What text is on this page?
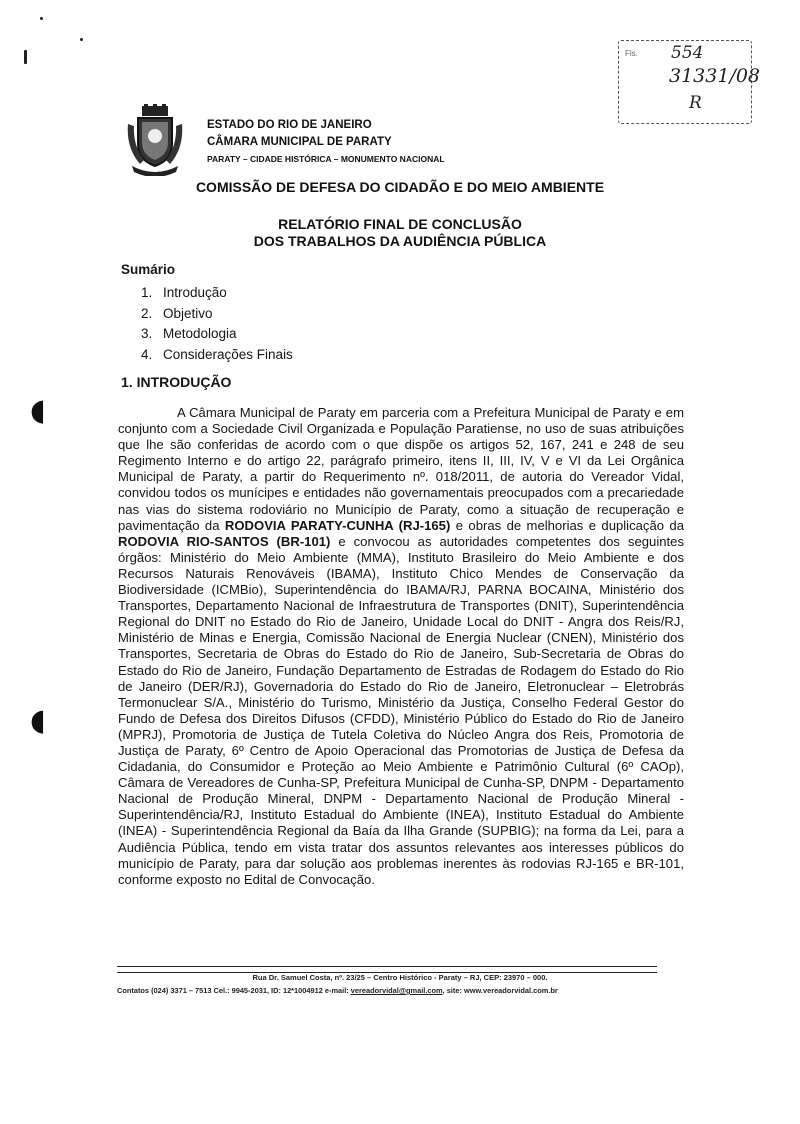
◖
◖
Fls. 554
31331/08
R
ESTADO DO RIO DE JANEIRO
CÂMARA MUNICIPAL DE PARATY
PARATY – CIDADE HISTÓRICA – MONUMENTO NACIONAL
COMISSÃO DE DEFESA DO CIDADÃO E DO MEIO AMBIENTE
RELATÓRIO FINAL DE CONCLUSÃO
DOS TRABALHOS DA AUDIÊNCIA PÚBLICA
Sumário
1. Introdução
2. Objetivo
3. Metodologia
4. Considerações Finais
1. INTRODUÇÃO

A Câmara Municipal de Paraty em parceria com a Prefeitura Municipal de Paraty e em conjunto com a Sociedade Civil Organizada e População Paratiense, no uso de suas atribuições que lhe são conferidas de acordo com o que dispõe os artigos 52, 167, 241 e 248 de seu Regimento Interno e do artigo 22, parágrafo primeiro, itens II, III, IV, V e VI da Lei Orgânica Municipal de Paraty, a partir do Requerimento nº. 018/2011, de autoria do Vereador Vidal, convidou todos os munícipes e entidades não governamentais preocupados com a precariedade nas vias do sistema rodoviário no Município de Paraty, como a situação de recuperação e pavimentação da RODOVIA PARATY-CUNHA (RJ-165) e obras de melhorias e duplicação da RODOVIA RIO-SANTOS (BR-101) e convocou as autoridades competentes dos seguintes órgãos: Ministério do Meio Ambiente (MMA), Instituto Brasileiro do Meio Ambiente e dos Recursos Naturais Renováveis (IBAMA), Instituto Chico Mendes de Conservação da Biodiversidade (ICMBio), Superintendência do IBAMA/RJ, PARNA BOCAINA, Ministério dos Transportes, Departamento Nacional de Infraestrutura de Transportes (DNIT), Superintendência Regional do DNIT no Estado do Rio de Janeiro, Unidade Local do DNIT - Angra dos Reis/RJ, Ministério de Minas e Energia, Comissão Nacional de Energia Nuclear (CNEN), Ministério dos Transportes, Secretaria de Obras do Estado do Rio de Janeiro, Sub-Secretaria de Obras do Estado do Rio de Janeiro, Fundação Departamento de Estradas de Rodagem do Estado do Rio de Janeiro (DER/RJ), Governadoria do Estado do Rio de Janeiro, Eletronuclear – Eletrobrás Termonuclear S/A., Ministério do Turismo, Ministério da Justiça, Conselho Federal Gestor do Fundo de Defesa dos Direitos Difusos (CFDD), Ministério Público do Estado do Rio de Janeiro (MPRJ), Promotoria de Justiça de Tutela Coletiva do Núcleo Angra dos Reis, Promotoria de Justiça de Paraty, 6º Centro de Apoio Operacional das Promotorias de Justiça de Defesa da Cidadania, do Consumidor e Proteção ao Meio Ambiente e Patrimônio Cultural (6º CAOp), Câmara de Vereadores de Cunha-SP, Prefeitura Municipal de Cunha-SP, DNPM - Departamento Nacional de Produção Mineral, DNPM - Departamento Nacional de Produção Mineral - Superintendência/RJ, Instituto Estadual do Ambiente (INEA), Instituto Estadual do Ambiente (INEA) - Superintendência Regional da Baía da Ilha Grande (SUPBIG); na forma da Lei, para a Audiência Pública, tendo em vista tratar dos assuntos relevantes aos interesses públicos do município de Paraty, para dar solução aos problemas inerentes às rodovias RJ-165 e BR-101, conforme exposto no Edital de Convocação.

Rua Dr. Samuel Costa, nº. 23/25 – Centro Histórico - Paraty – RJ, CEP: 23970 – 000.
Contatos (024) 3371 – 7513 Cel.: 9945-2031, ID: 12*1004912 e-mail: vereadorvidal@gmail.com, site: www.vereadorvidal.com.br
